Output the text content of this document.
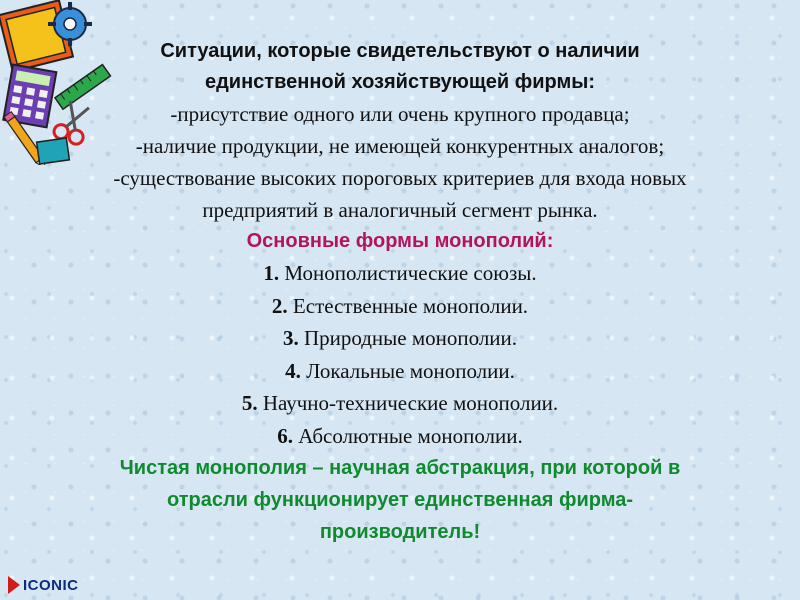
Ситуации, которые свидетельствуют о наличии
единственной хозяйствующей фирмы:
-присутствие одного или очень крупного продавца;
-наличие продукции, не имеющей конкурентных аналогов;
-существование высоких пороговых критериев для входа новых
предприятий в аналогичный сегмент рынка.
Основные формы монополий:
1. Монополистические союзы.
2. Естественные монополии.
3. Природные монополии.
4. Локальные монополии.
5. Научно-технические монополии.
6. Абсолютные монополии.
Чистая монополия – научная абстракция, при которой в
отрасли функционирует единственная фирма-
производитель!
ICONIC
